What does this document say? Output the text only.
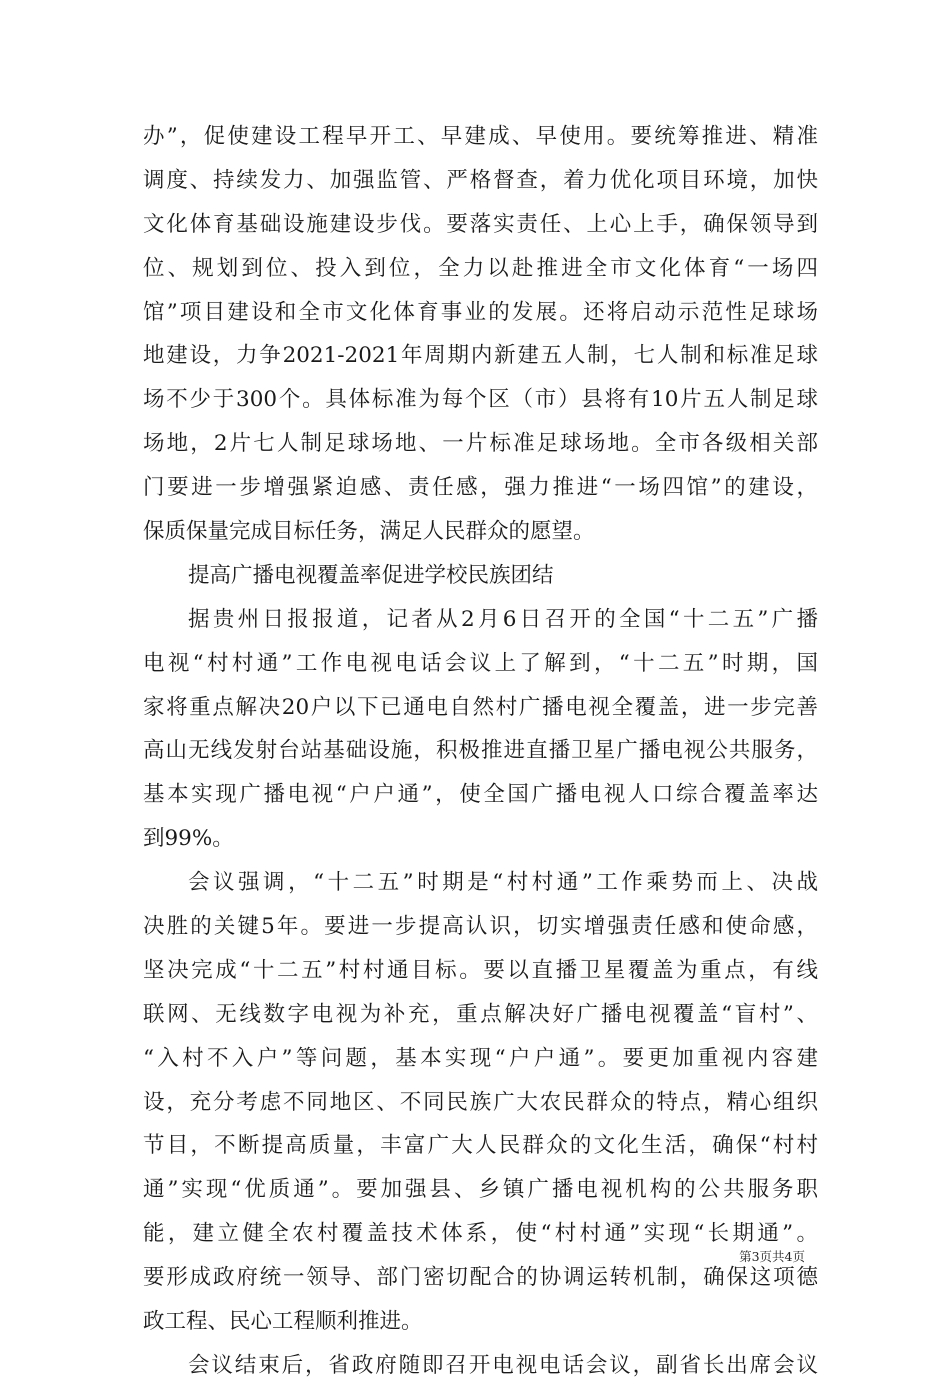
办”，促使建设工程早开工、早建成、早使用。要统筹推进、精准
调度、持续发力、加强监管、严格督查，着力优化项目环境，加快
文化体育基础设施建设步伐。要落实责任、上心上手，确保领导到
位、规划到位、投入到位，全力以赴推进全市文化体育“一场四
馆”项目建设和全市文化体育事业的发展。还将启动示范性足球场
地建设，力争2021-2021年周期内新建五人制，七人制和标准足球
场不少于300个。具体标准为每个区（市）县将有10片五人制足球
场地，2片七人制足球场地、一片标准足球场地。全市各级相关部
门要进一步增强紧迫感、责任感，强力推进“一场四馆”的建设，
保质保量完成目标任务，满足人民群众的愿望。
提高广播电视覆盖率促进学校民族团结
据贵州日报报道，记者从2月6日召开的全国“十二五”广播
电视“村村通”工作电视电话会议上了解到，“十二五”时期，国
家将重点解决20户以下已通电自然村广播电视全覆盖，进一步完善
高山无线发射台站基础设施，积极推进直播卫星广播电视公共服务，
基本实现广播电视“户户通”，使全国广播电视人口综合覆盖率达
到99%。
会议强调，“十二五”时期是“村村通”工作乘势而上、决战
决胜的关键5年。要进一步提高认识，切实增强责任感和使命感，
坚决完成“十二五”村村通目标。要以直播卫星覆盖为重点，有线
联网、无线数字电视为补充，重点解决好广播电视覆盖“盲村”、
“入村不入户”等问题，基本实现“户户通”。要更加重视内容建
设，充分考虑不同地区、不同民族广大农民群众的特点，精心组织
节目，不断提高质量，丰富广大人民群众的文化生活，确保“村村
通”实现“优质通”。要加强县、乡镇广播电视机构的公共服务职
能，建立健全农村覆盖技术体系，使“村村通”实现“长期通”。
要形成政府统一领导、部门密切配合的协调运转机制，确保这项德
政工程、民心工程顺利推进。
会议结束后，省政府随即召开电视电话会议，副省长出席会议
第3页共4页
